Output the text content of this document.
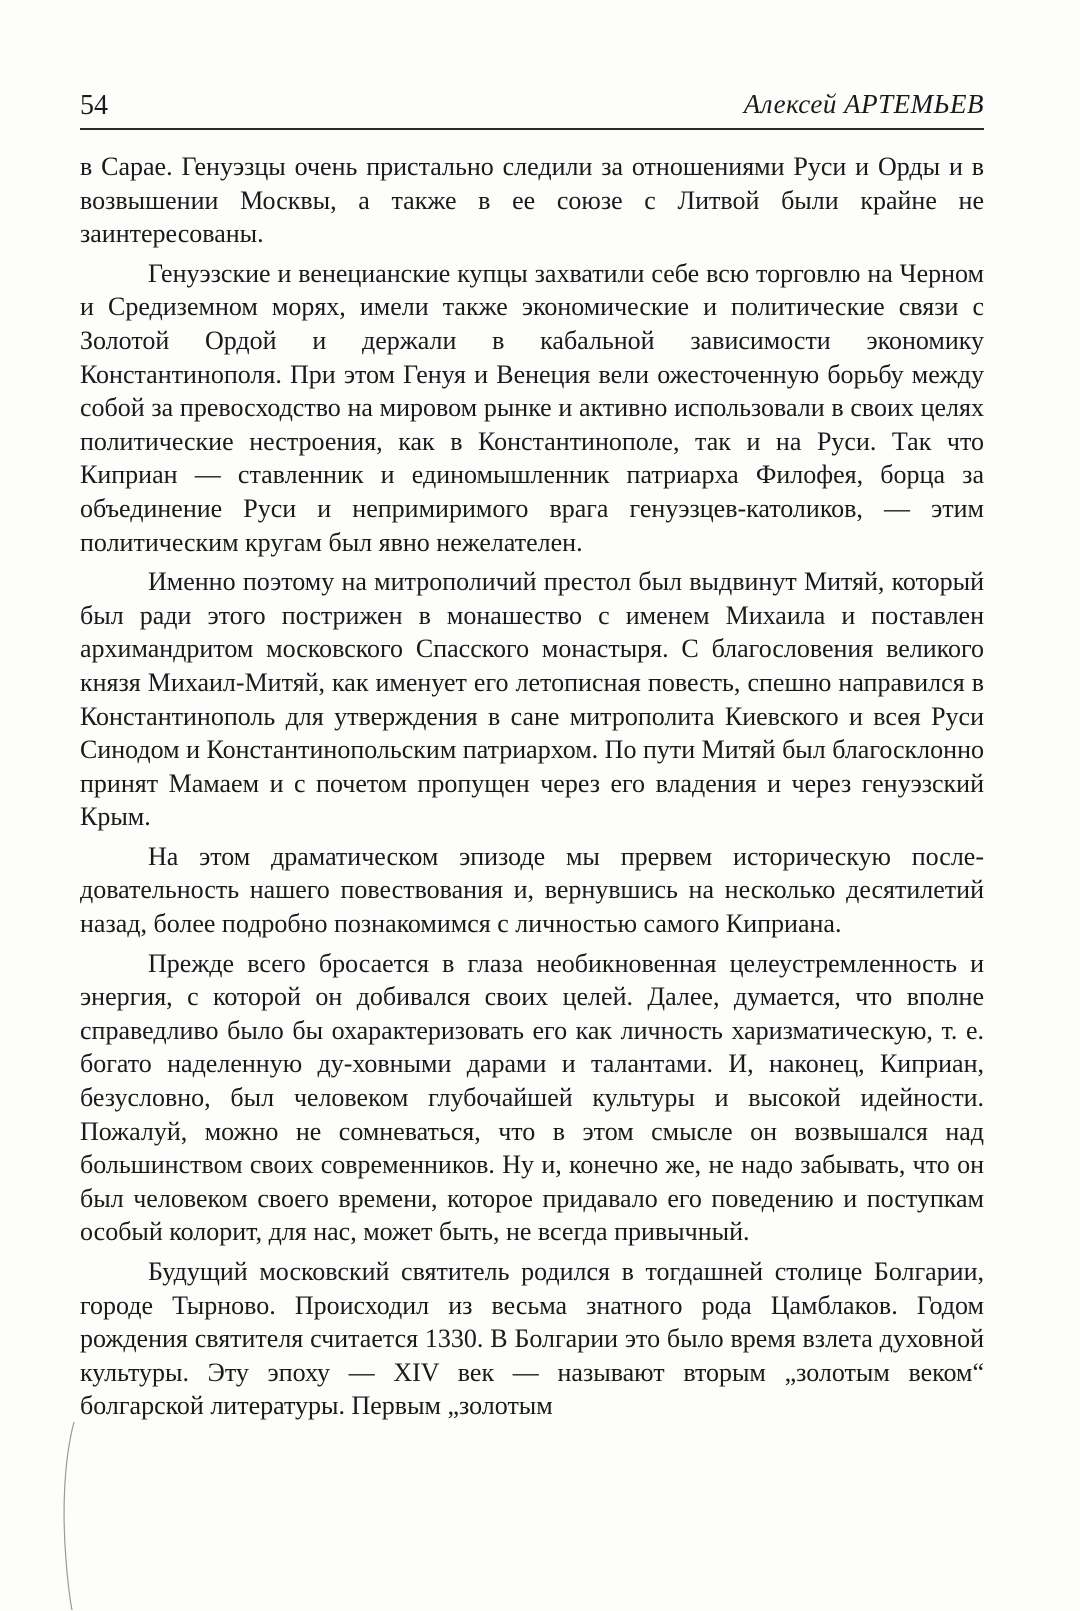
54	Алексей АРТЕМЬЕВ

в Сарае. Генуэзцы очень пристально следили за отношениями Руси и Орды и в возвышении Москвы, а также в ее союзе с Литвой были крайне не заинтересованы.

Генуэзские и венецианские купцы захватили себе всю торговлю на Черном и Средиземном морях, имели также экономические и политические связи с Золотой Ордой и держали в кабальной зависимости экономику Константинополя. При этом Генуя и Венеция вели ожесточенную борьбу между собой за превосходство на мировом рынке и активно использовали в своих целях политические нестроения, как в Константинополе, так и на Руси. Так что Киприан — ставленник и единомышленник патриарха Филофея, борца за объединение Руси и непримиримого врага генуэзцев-католиков, — этим политическим кругам был явно нежелателен.

Именно поэтому на митрополичий престол был выдвинут Митяй, который был ради этого пострижен в монашество с именем Михаила и поставлен архимандритом московского Спасского монастыря. С благословения великого князя Михаил-Митяй, как именует его летописная повесть, спешно направился в Константинополь для утверждения в сане митрополита Киевского и всея Руси Синодом и Константинопольским патриархом. По пути Митяй был благосклонно принят Мамаем и с почетом пропущен через его владения и через генуэзский Крым.

На этом драматическом эпизоде мы прервем историческую последовательность нашего повествования и, вернувшись на несколько десятилетий назад, более подробно познакомимся с личностью самого Киприана.

Прежде всего бросается в глаза необикновенная целеустремленность и энергия, с которой он добивался своих целей. Далее, думается, что вполне справедливо было бы охарактеризовать его как личность харизматическую, т. е. богато наделенную ду-ховными дарами и талантами. И, наконец, Киприан, безусловно, был человеком глубочайшей культуры и высокой идейности. Пожалуй, можно не сомневаться, что в этом смысле он возвышался над большинством своих современников. Ну и, конечно же, не надо забывать, что он был человеком своего времени, которое придавало его поведению и поступкам особый колорит, для нас, может быть, не всегда привычный.

Будущий московский святитель родился в тогдашней столице Болгарии, городе Тырново. Происходил из весьма знатного рода Цамблаков. Годом рождения святителя считается 1330. В Болгарии это было время взлета духовной культуры. Эту эпоху — XIV век — называют вторым „золотым веком“ болгарской литературы. Первым „золотым
